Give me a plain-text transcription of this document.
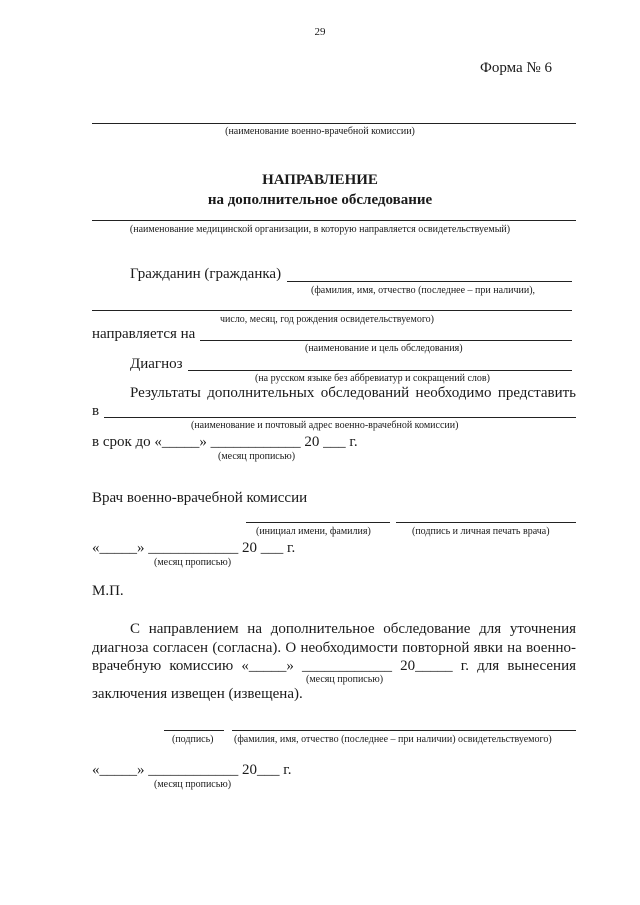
29
Форма № 6
(наименование военно-врачебной комиссии)
НАПРАВЛЕНИЕ
на дополнительное обследование
(наименование медицинской организации, в которую направляется освидетельствуемый)
Гражданин (гражданка)
(фамилия, имя, отчество (последнее – при наличии),
число, месяц, год рождения освидетельствуемого)
направляется на
(наименование и цель обследования)
Диагноз
(на русском языке без аббревиатур и сокращений слов)
Результаты дополнительных обследований необходимо представить
в
(наименование и почтовый адрес военно-врачебной комиссии)
в срок до «_____» ____________ 20 ___ г.
(месяц прописью)
Врач военно-врачебной комиссии
(инициал имени, фамилия)	(подпись и личная печать врача)
«_____» ____________ 20 ___ г.
(месяц прописью)
М.П.
С направлением на дополнительное обследование для уточнения
диагноза согласен (согласна). О необходимости повторной явки на военно-
врачебную комиссию «_____» ____________ 20_____ г. для вынесения
(месяц прописью)
заключения извещен (извещена).
(подпись) (фамилия, имя, отчество (последнее – при наличии) освидетельствуемого)
«_____» ____________ 20___ г.
(месяц прописью)
